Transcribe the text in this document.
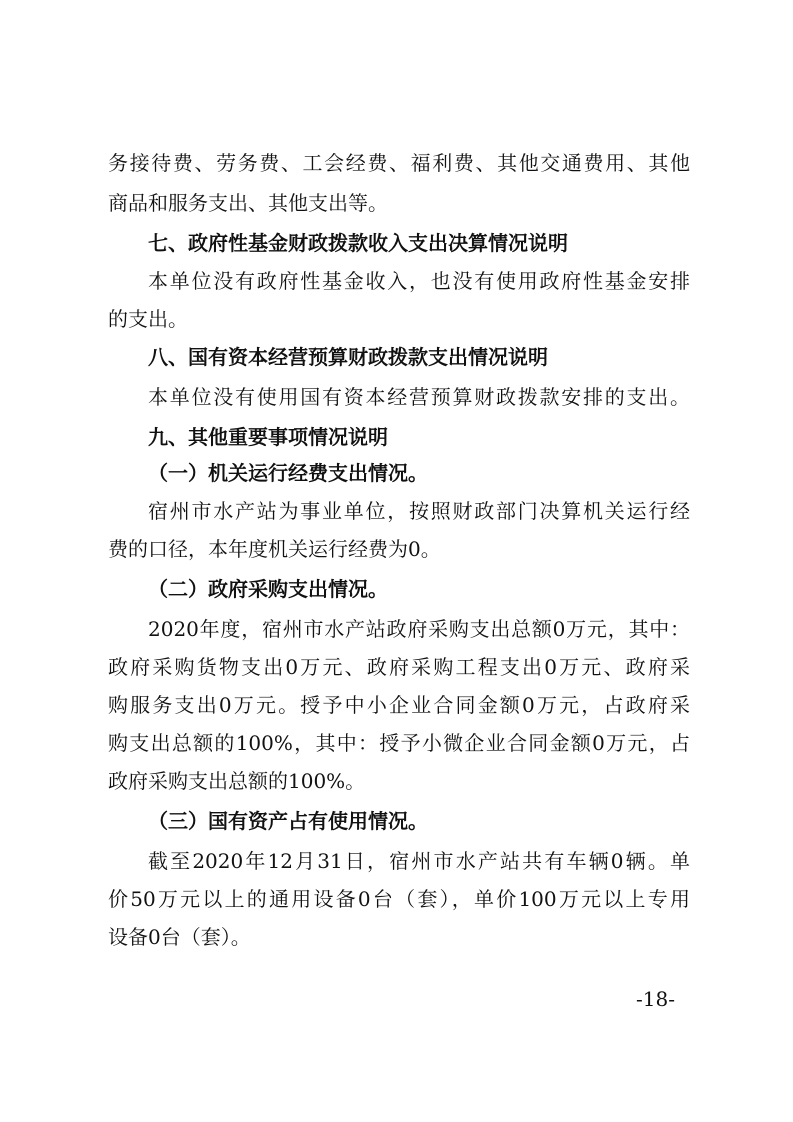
务接待费、劳务费、工会经费、福利费、其他交通费用、其他
商品和服务支出、其他支出等。
七、政府性基金财政拨款收入支出决算情况说明
本单位没有政府性基金收入，也没有使用政府性基金安排
的支出。
八、国有资本经营预算财政拨款支出情况说明
本单位没有使用国有资本经营预算财政拨款安排的支出。
九、其他重要事项情况说明
（一）机关运行经费支出情况。
宿州市水产站为事业单位，按照财政部门决算机关运行经
费的口径，本年度机关运行经费为0。
（二）政府采购支出情况。
2020年度，宿州市水产站政府采购支出总额0万元，其中：
政府采购货物支出0万元、政府采购工程支出0万元、政府采
购服务支出0万元。授予中小企业合同金额0万元，占政府采
购支出总额的100%，其中：授予小微企业合同金额0万元，占
政府采购支出总额的100%。
（三）国有资产占有使用情况。
截至2020年12月31日，宿州市水产站共有车辆0辆。单
价50万元以上的通用设备0台（套），单价100万元以上专用
设备0台（套）。
-18-
